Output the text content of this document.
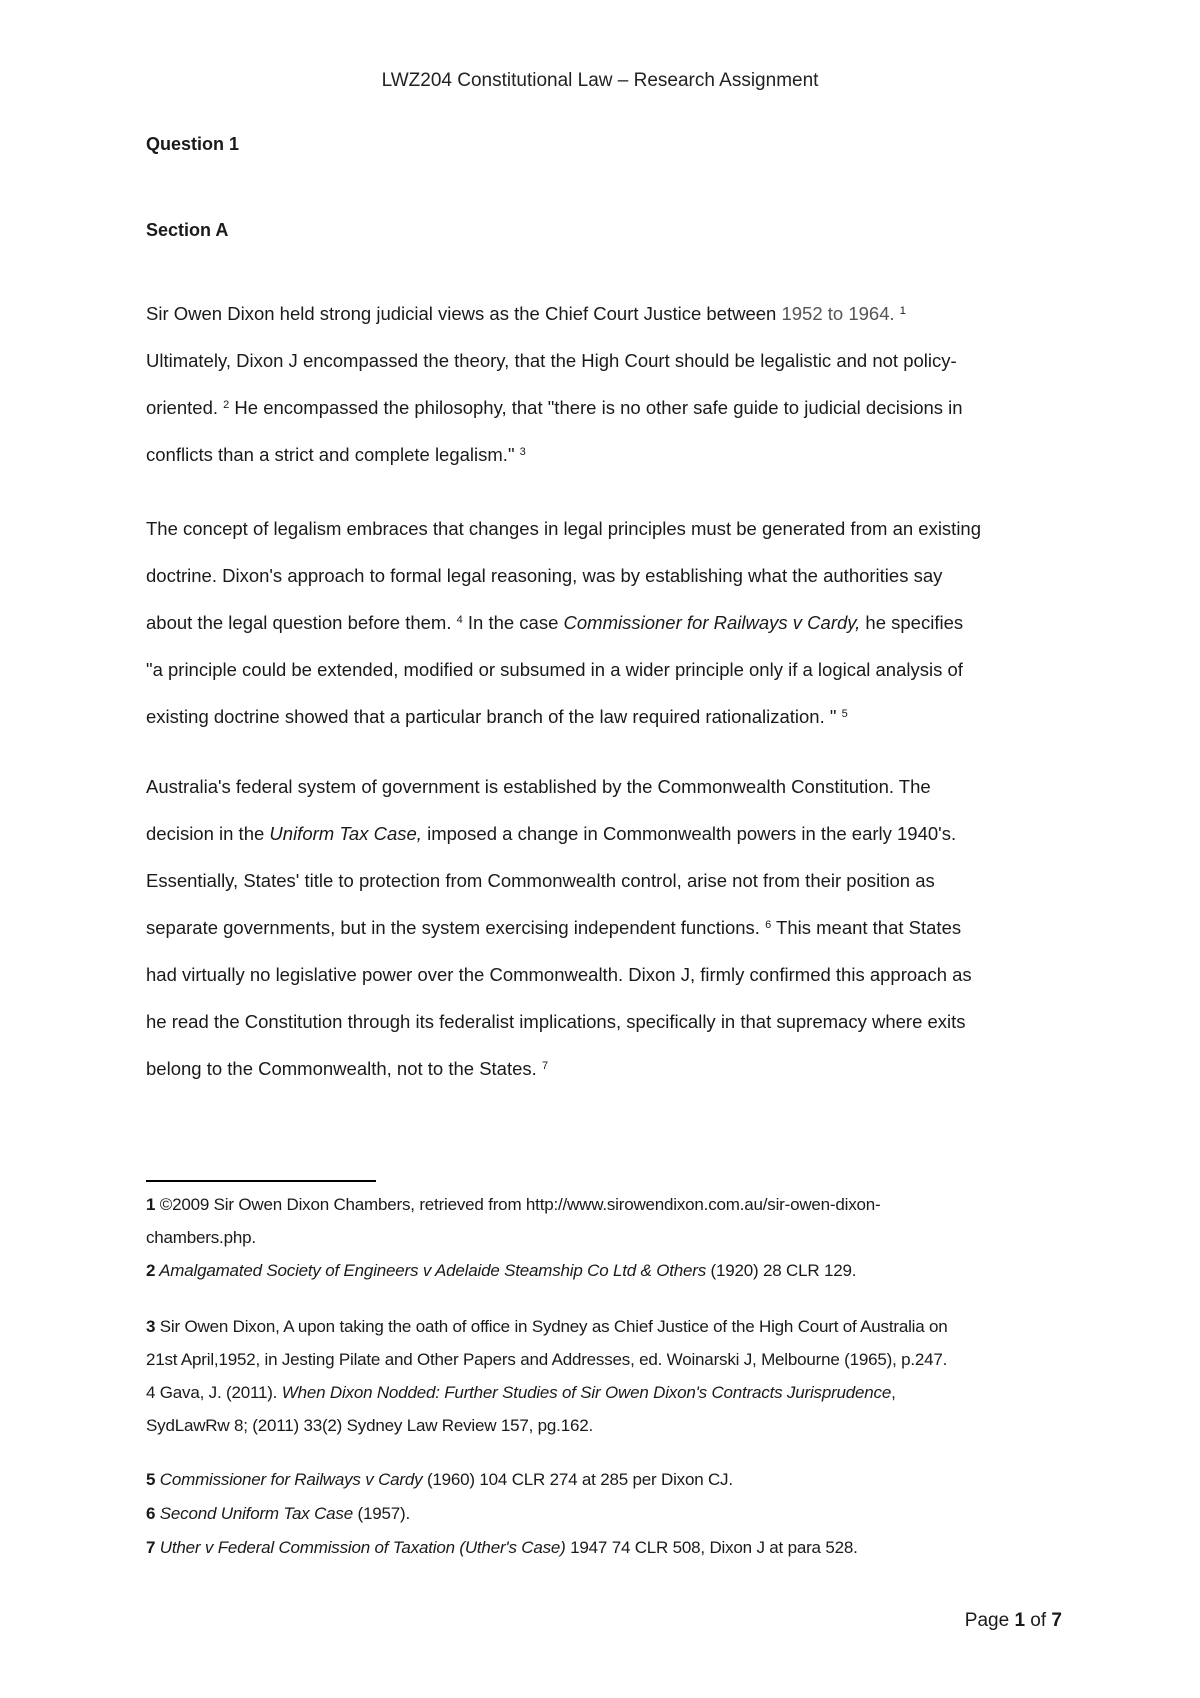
LWZ204 Constitutional Law – Research Assignment
Question 1
Section A
Sir Owen Dixon held strong judicial views as the Chief Court Justice between 1952 to 1964. $^1$
Ultimately, Dixon J encompassed the theory, that the High Court should be legalistic and not policy-
oriented. $^2$ He encompassed the philosophy, that "there is no other safe guide to judicial decisions in
conflicts than a strict and complete legalism." $^3$
The concept of legalism embraces that changes in legal principles must be generated from an existing
doctrine. Dixon's approach to formal legal reasoning, was by establishing what the authorities say
about the legal question before them. $^4$ In the case Commissioner for Railways v Cardy, he specifies
"a principle could be extended, modified or subsumed in a wider principle only if a logical analysis of
existing doctrine showed that a particular branch of the law required rationalization. " $^5$
Australia's federal system of government is established by the Commonwealth Constitution. The
decision in the Uniform Tax Case, imposed a change in Commonwealth powers in the early 1940's.
Essentially, States' title to protection from Commonwealth control, arise not from their position as
separate governments, but in the system exercising independent functions. $^6$ This meant that States
had virtually no legislative power over the Commonwealth. Dixon J, firmly confirmed this approach as
he read the Constitution through its federalist implications, specifically in that supremacy where exits
belong to the Commonwealth, not to the States. $^7$
1 ©2009 Sir Owen Dixon Chambers, retrieved from http://www.sirowendixon.com.au/sir-owen-dixon-
chambers.php.
2 Amalgamated Society of Engineers v Adelaide Steamship Co Ltd & Others (1920) 28 CLR 129.
3 Sir Owen Dixon, A upon taking the oath of office in Sydney as Chief Justice of the High Court of Australia on
21st April,1952, in Jesting Pilate and Other Papers and Addresses, ed. Woinarski J, Melbourne (1965), p.247.
4 Gava, J. (2011). When Dixon Nodded: Further Studies of Sir Owen Dixon's Contracts Jurisprudence,
SydLawRw 8; (2011) 33(2) Sydney Law Review 157, pg.162.
5 Commissioner for Railways v Cardy (1960) 104 CLR 274 at 285 per Dixon CJ.
6 Second Uniform Tax Case (1957).
7 Uther v Federal Commission of Taxation (Uther's Case) 1947 74 CLR 508, Dixon J at para 528.
Page 1 of 7
